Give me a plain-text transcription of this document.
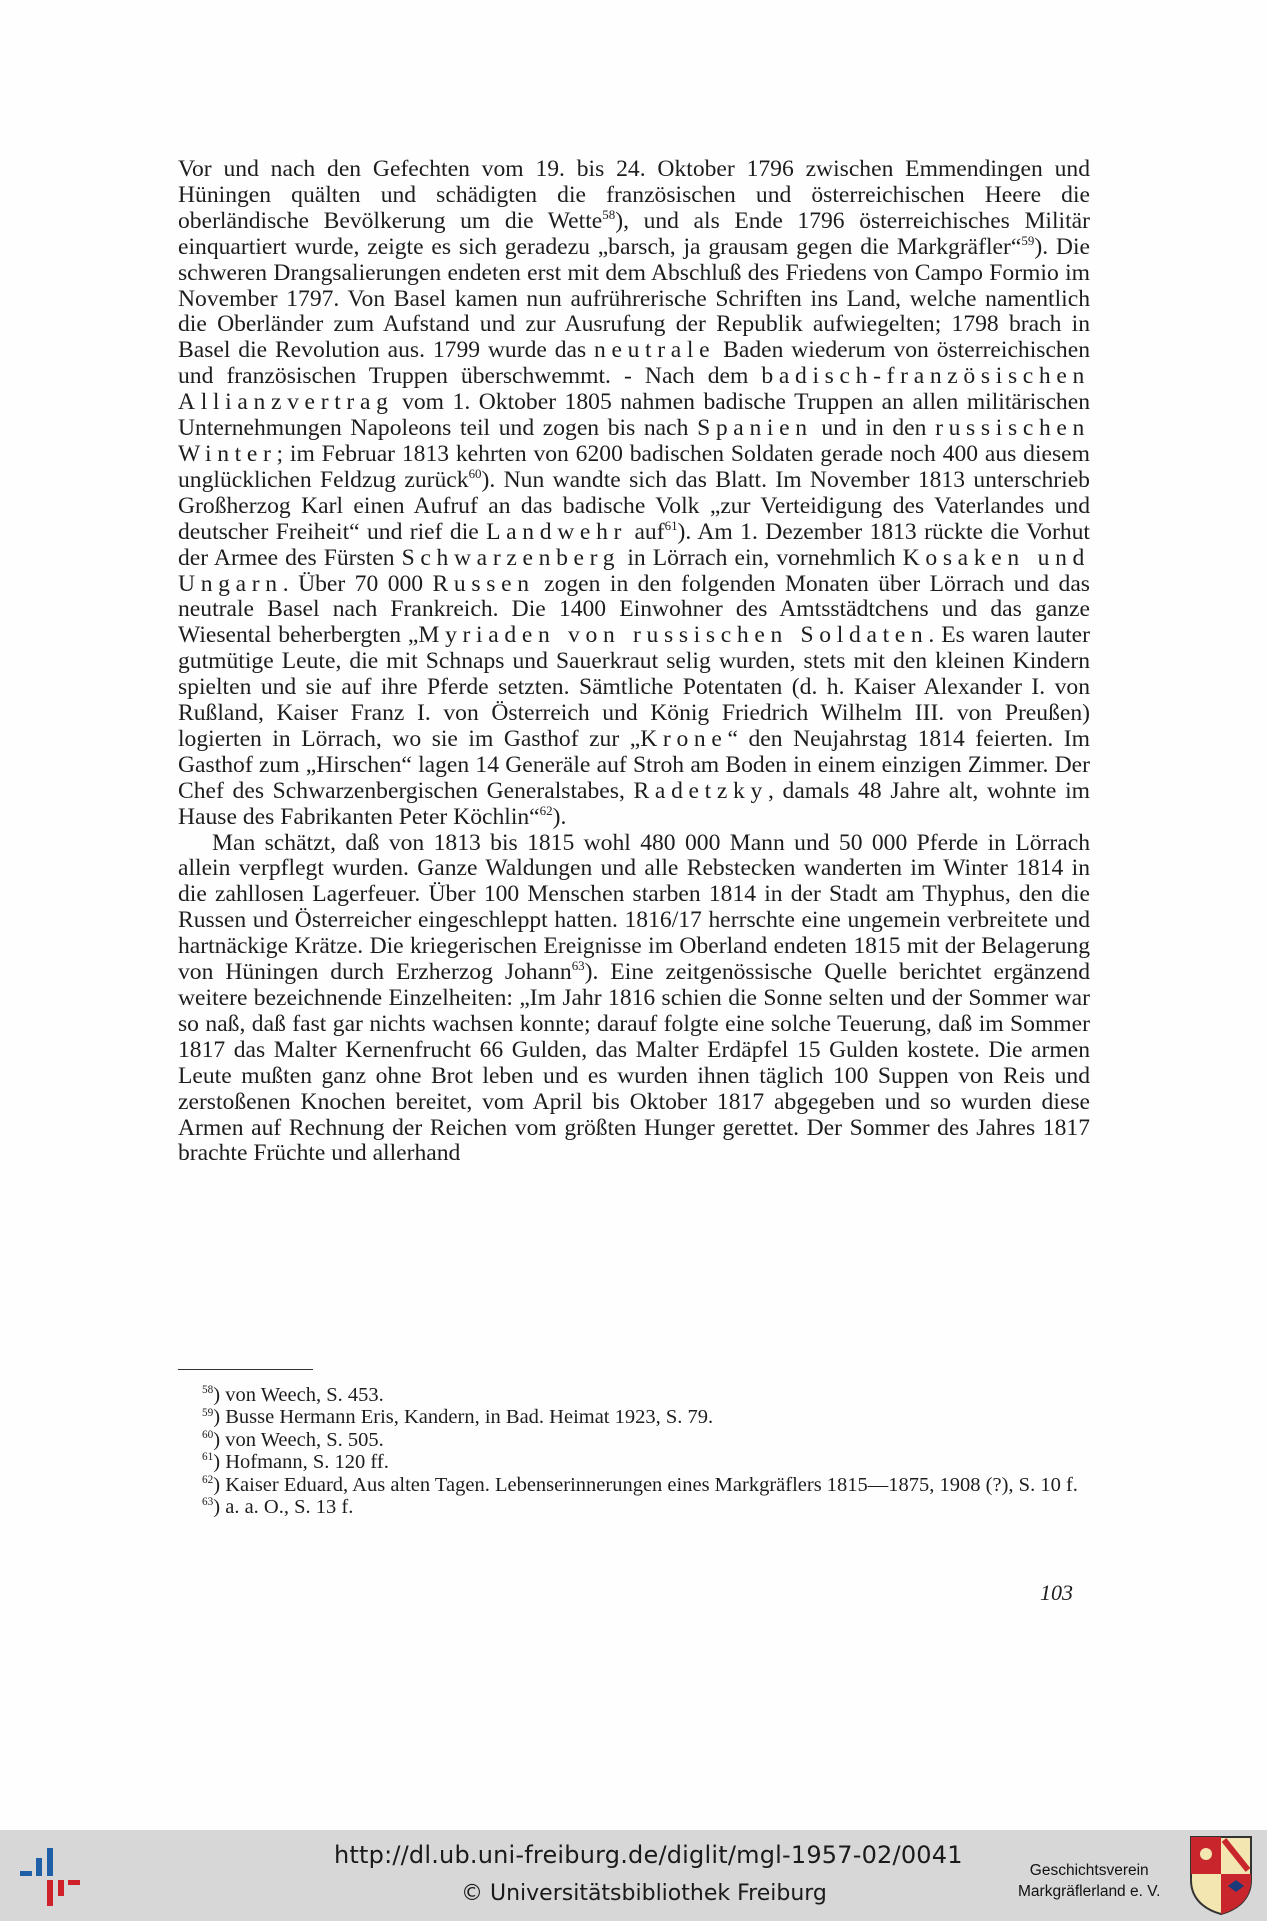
Vor und nach den Gefechten vom 19. bis 24. Oktober 1796 zwischen Emmendingen und Hüningen quälten und schädigten die französischen und österreichischen Heere die oberländische Bevölkerung um die Wette$^{58}$), und als Ende 1796 österreichisches Militär einquartiert wurde, zeigte es sich geradezu „barsch, ja grausam gegen die Markgräfler“$^{59}$). Die schweren Drangsalierungen endeten erst mit dem Abschluß des Friedens von Campo Formio im November 1797. Von Basel kamen nun aufrührerische Schriften ins Land, welche namentlich die Oberländer zum Aufstand und zur Ausrufung der Republik aufwiegelten; 1798 brach in Basel die Revolution aus. 1799 wurde das neutrale Baden wiederum von österreichischen und französischen Truppen überschwemmt. - Nach dem badisch-französischen Allianzvertrag vom 1. Oktober 1805 nahmen badische Truppen an allen militärischen Unternehmungen Napoleons teil und zogen bis nach Spanien und in den russischen Winter; im Februar 1813 kehrten von 6200 badischen Soldaten gerade noch 400 aus diesem unglücklichen Feldzug zurück$^{60}$). Nun wandte sich das Blatt. Im November 1813 unterschrieb Großherzog Karl einen Aufruf an das badische Volk „zur Verteidigung des Vaterlandes und deutscher Freiheit“ und rief die Landwehr auf$^{61}$). Am 1. Dezember 1813 rückte die Vorhut der Armee des Fürsten Schwarzenberg in Lörrach ein, vornehmlich Kosaken und Ungarn. Über 70 000 Russen zogen in den folgenden Monaten über Lörrach und das neutrale Basel nach Frankreich. Die 1400 Einwohner des Amtsstädtchens und das ganze Wiesental beherbergten „Myriaden von russischen Soldaten. Es waren lauter gutmütige Leute, die mit Schnaps und Sauerkraut selig wurden, stets mit den kleinen Kindern spielten und sie auf ihre Pferde setzten. Sämtliche Potentaten (d. h. Kaiser Alexander I. von Rußland, Kaiser Franz I. von Österreich und König Friedrich Wilhelm III. von Preußen) logierten in Lörrach, wo sie im Gasthof zur „Krone“ den Neujahrstag 1814 feierten. Im Gasthof zum „Hirschen“ lagen 14 Generäle auf Stroh am Boden in einem einzigen Zimmer. Der Chef des Schwarzenbergischen Generalstabes, Radetzky, damals 48 Jahre alt, wohnte im Hause des Fabrikanten Peter Köchlin“$^{62}$).

Man schätzt, daß von 1813 bis 1815 wohl 480 000 Mann und 50 000 Pferde in Lörrach allein verpflegt wurden. Ganze Waldungen und alle Rebstecken wanderten im Winter 1814 in die zahllosen Lagerfeuer. Über 100 Menschen starben 1814 in der Stadt am Thyphus, den die Russen und Österreicher eingeschleppt hatten. 1816/17 herrschte eine ungemein verbreitete und hartnäckige Krätze. Die kriegerischen Ereignisse im Oberland endeten 1815 mit der Belagerung von Hüningen durch Erzherzog Johann$^{63}$). Eine zeitgenössische Quelle berichtet ergänzend weitere bezeichnende Einzelheiten: „Im Jahr 1816 schien die Sonne selten und der Sommer war so naß, daß fast gar nichts wachsen konnte; darauf folgte eine solche Teuerung, daß im Sommer 1817 das Malter Kernenfrucht 66 Gulden, das Malter Erdäpfel 15 Gulden kostete. Die armen Leute mußten ganz ohne Brot leben und es wurden ihnen täglich 100 Suppen von Reis und zerstoßenen Knochen bereitet, vom April bis Oktober 1817 abgegeben und so wurden diese Armen auf Rechnung der Reichen vom größten Hunger gerettet. Der Sommer des Jahres 1817 brachte Früchte und allerhand

$^{58}$) von Weech, S. 453.
$^{59}$) Busse Hermann Eris, Kandern, in Bad. Heimat 1923, S. 79.
$^{60}$) von Weech, S. 505.
$^{61}$) Hofmann, S. 120 ff.
$^{62}$) Kaiser Eduard, Aus alten Tagen. Lebenserinnerungen eines Markgräflers 1815—1875, 1908 (?), S. 10 f.
$^{63}$) a. a. O., S. 13 f.
103
http://dl.ub.uni-freiburg.de/diglit/mgl-1957-02/0041
© Universitätsbibliothek Freiburg
Geschichtsverein
Markgräflerland e. V.
